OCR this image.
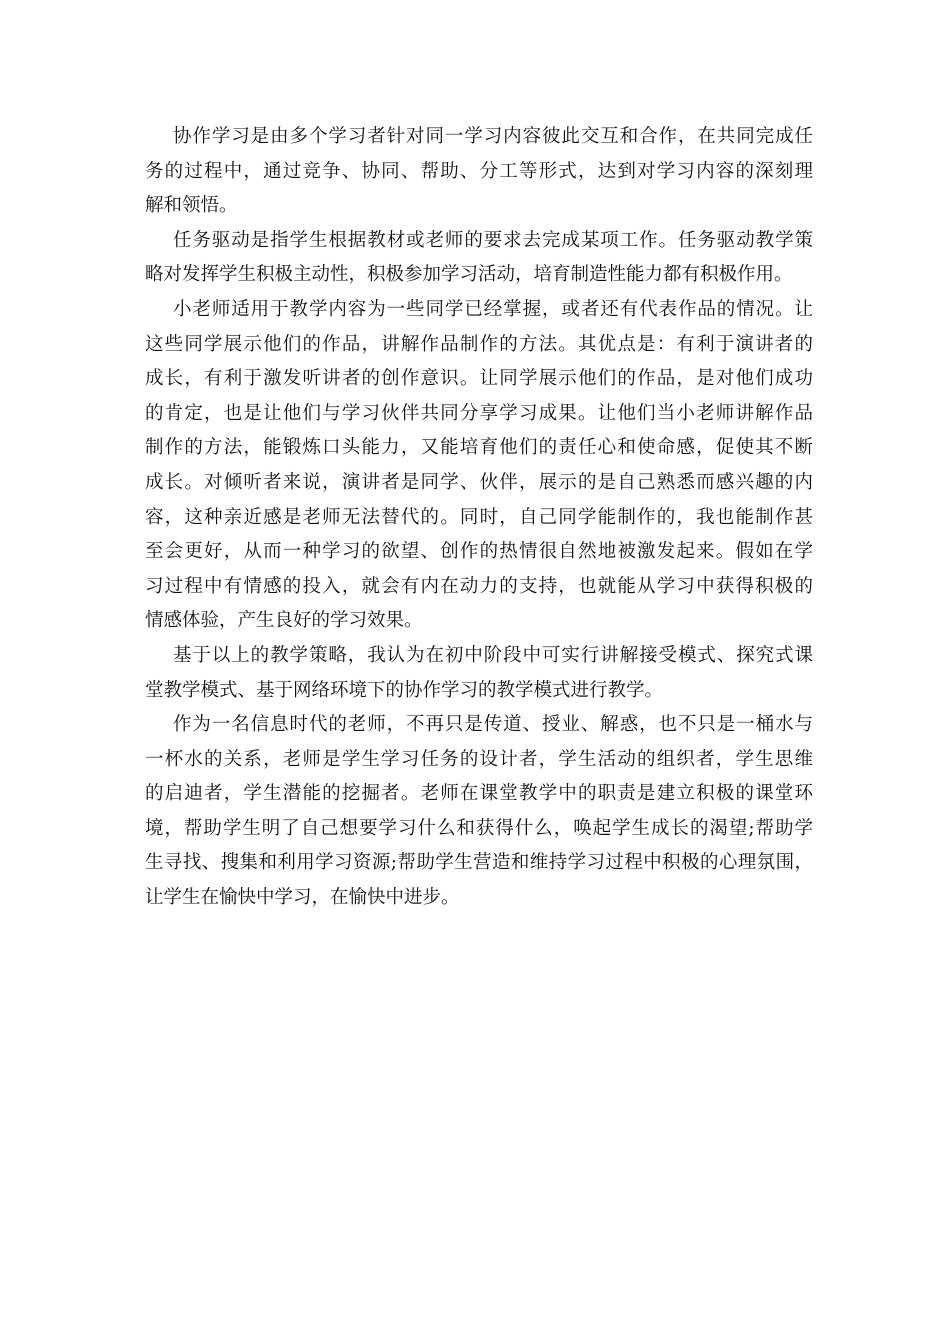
协作学习是由多个学习者针对同一学习内容彼此交互和合作，在共同完成任
务的过程中，通过竞争、协同、帮助、分工等形式，达到对学习内容的深刻理
解和领悟。
任务驱动是指学生根据教材或老师的要求去完成某项工作。任务驱动教学策
略对发挥学生积极主动性，积极参加学习活动，培育制造性能力都有积极作用。
小老师适用于教学内容为一些同学已经掌握，或者还有代表作品的情况。让
这些同学展示他们的作品，讲解作品制作的方法。其优点是：有利于演讲者的
成长，有利于激发听讲者的创作意识。让同学展示他们的作品，是对他们成功
的肯定，也是让他们与学习伙伴共同分享学习成果。让他们当小老师讲解作品
制作的方法，能锻炼口头能力，又能培育他们的责任心和使命感，促使其不断
成长。对倾听者来说，演讲者是同学、伙伴，展示的是自己熟悉而感兴趣的内
容，这种亲近感是老师无法替代的。同时，自己同学能制作的，我也能制作甚
至会更好，从而一种学习的欲望、创作的热情很自然地被激发起来。假如在学
习过程中有情感的投入，就会有内在动力的支持，也就能从学习中获得积极的
情感体验，产生良好的学习效果。
基于以上的教学策略，我认为在初中阶段中可实行讲解接受模式、探究式课
堂教学模式、基于网络环境下的协作学习的教学模式进行教学。
作为一名信息时代的老师，不再只是传道、授业、解惑，也不只是一桶水与
一杯水的关系，老师是学生学习任务的设计者，学生活动的组织者，学生思维
的启迪者，学生潜能的挖掘者。老师在课堂教学中的职责是建立积极的课堂环
境，帮助学生明了自己想要学习什么和获得什么，唤起学生成长的渴望;帮助学
生寻找、搜集和利用学习资源;帮助学生营造和维持学习过程中积极的心理氛围，
让学生在愉快中学习，在愉快中进步。
